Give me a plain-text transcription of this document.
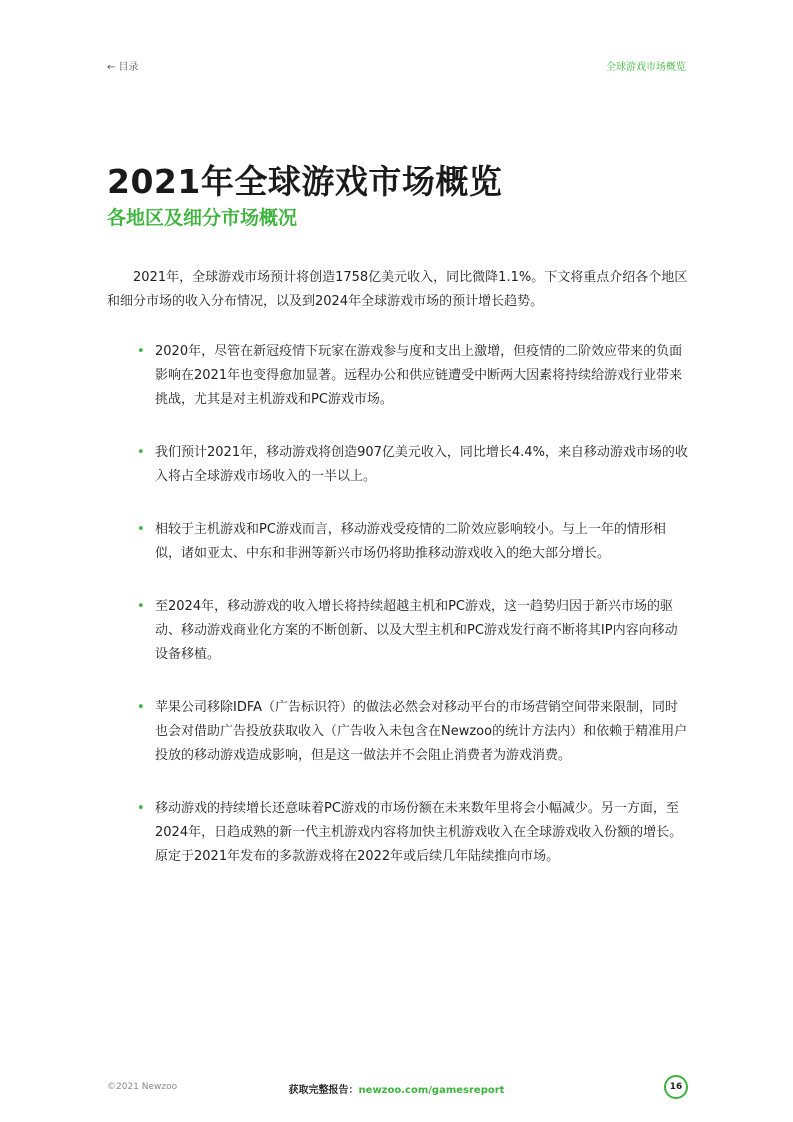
← 目录	全球游戏市场概览
2021年全球游戏市场概览
各地区及细分市场概况

2021年，全球游戏市场预计将创造1758亿美元收入，同比微降1.1%。下文将重点介绍各个地区和细分市场的收入分布情况，以及到2024年全球游戏市场的预计增长趋势。

• 2020年，尽管在新冠疫情下玩家在游戏参与度和支出上激增，但疫情的二阶效应带来的负面影响在2021年也变得愈加显著。远程办公和供应链遭受中断两大因素将持续给游戏行业带来挑战，尤其是对主机游戏和PC游戏市场。
• 我们预计2021年，移动游戏将创造907亿美元收入，同比增长4.4%，来自移动游戏市场的收入将占全球游戏市场收入的一半以上。
• 相较于主机游戏和PC游戏而言，移动游戏受疫情的二阶效应影响较小。与上一年的情形相似，诸如亚太、中东和非洲等新兴市场仍将助推移动游戏收入的绝大部分增长。
• 至2024年，移动游戏的收入增长将持续超越主机和PC游戏，这一趋势归因于新兴市场的驱动、移动游戏商业化方案的不断创新、以及大型主机和PC游戏发行商不断将其IP内容向移动设备移植。
• 苹果公司移除IDFA（广告标识符）的做法必然会对移动平台的市场营销空间带来限制，同时也会对借助广告投放获取收入（广告收入未包含在Newzoo的统计方法内）和依赖于精准用户投放的移动游戏造成影响，但是这一做法并不会阻止消费者为游戏消费。
• 移动游戏的持续增长还意味着PC游戏的市场份额在未来数年里将会小幅减少。另一方面，至2024年，日趋成熟的新一代主机游戏内容将加快主机游戏收入在全球游戏收入份额的增长。原定于2021年发布的多款游戏将在2022年或后续几年陆续推向市场。
©2021 Newzoo	获取完整报告：newzoo.com/gamesreport	16
